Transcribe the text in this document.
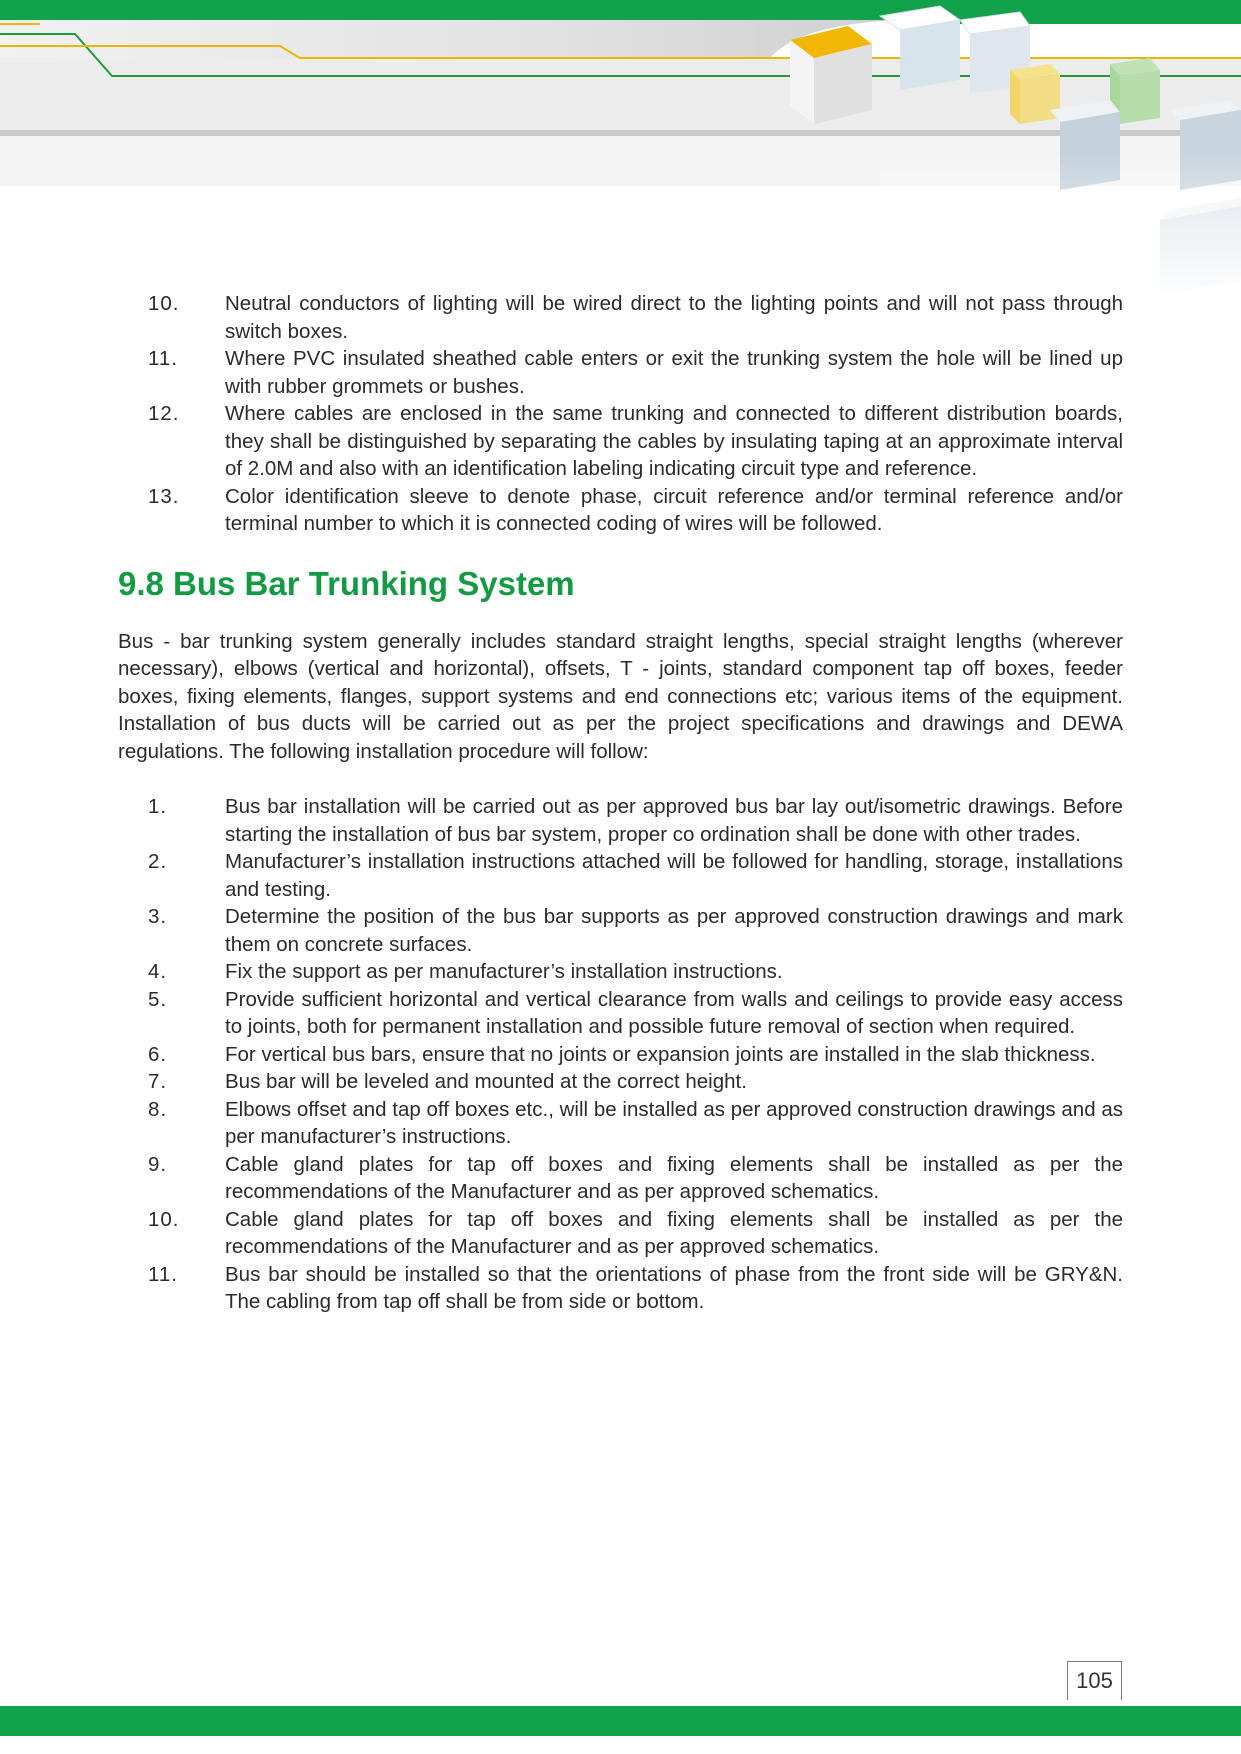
10.	Neutral conductors of lighting will be wired direct to the lighting points and will not pass through switch boxes.
11.	Where PVC insulated sheathed cable enters or exit the trunking system the hole will be lined up with rubber grommets or bushes.
12.	Where cables are enclosed in the same trunking and connected to different distribution boards, they shall be distinguished by separating the cables by insulating taping at an approximate interval of 2.0M and also with an identification labeling indicating circuit type and reference.
13.	Color identification sleeve to denote phase, circuit reference and/or terminal reference and/or terminal number to which it is connected coding of wires will be followed.
9.8 Bus Bar Trunking System

Bus - bar trunking system generally includes standard straight lengths, special straight lengths (wherever necessary), elbows (vertical and horizontal), offsets, T - joints, standard component tap off boxes, feeder boxes, fixing elements, flanges, support systems and end connections etc; various items of the equipment. Installation of bus ducts will be carried out as per the project specifications and drawings and DEWA regulations. The following installation procedure will follow:

1.	Bus bar installation will be carried out as per approved bus bar lay out/isometric drawings. Before starting the installation of bus bar system, proper co ordination shall be done with other trades.
2.	Manufacturer’s installation instructions attached will be followed for handling, storage, installations and testing.
3.	Determine the position of the bus bar supports as per approved construction drawings and mark them on concrete surfaces.
4.	Fix the support as per manufacturer’s installation instructions.
5.	Provide sufficient horizontal and vertical clearance from walls and ceilings to provide easy access to joints, both for permanent installation and possible future removal of section when required.
6.	For vertical bus bars, ensure that no joints or expansion joints are installed in the slab thickness.
7.	Bus bar will be leveled and mounted at the correct height.
8.	Elbows offset and tap off boxes etc., will be installed as per approved construction drawings and as per manufacturer’s instructions.
9.	Cable gland plates for tap off boxes and fixing elements shall be installed as per the recommendations of the Manufacturer and as per approved schematics.
10.	Cable gland plates for tap off boxes and fixing elements shall be installed as per the recommendations of the Manufacturer and as per approved schematics.
11.	Bus bar should be installed so that the orientations of phase from the front side will be GRY&N. The cabling from tap off shall be from side or bottom.
105
